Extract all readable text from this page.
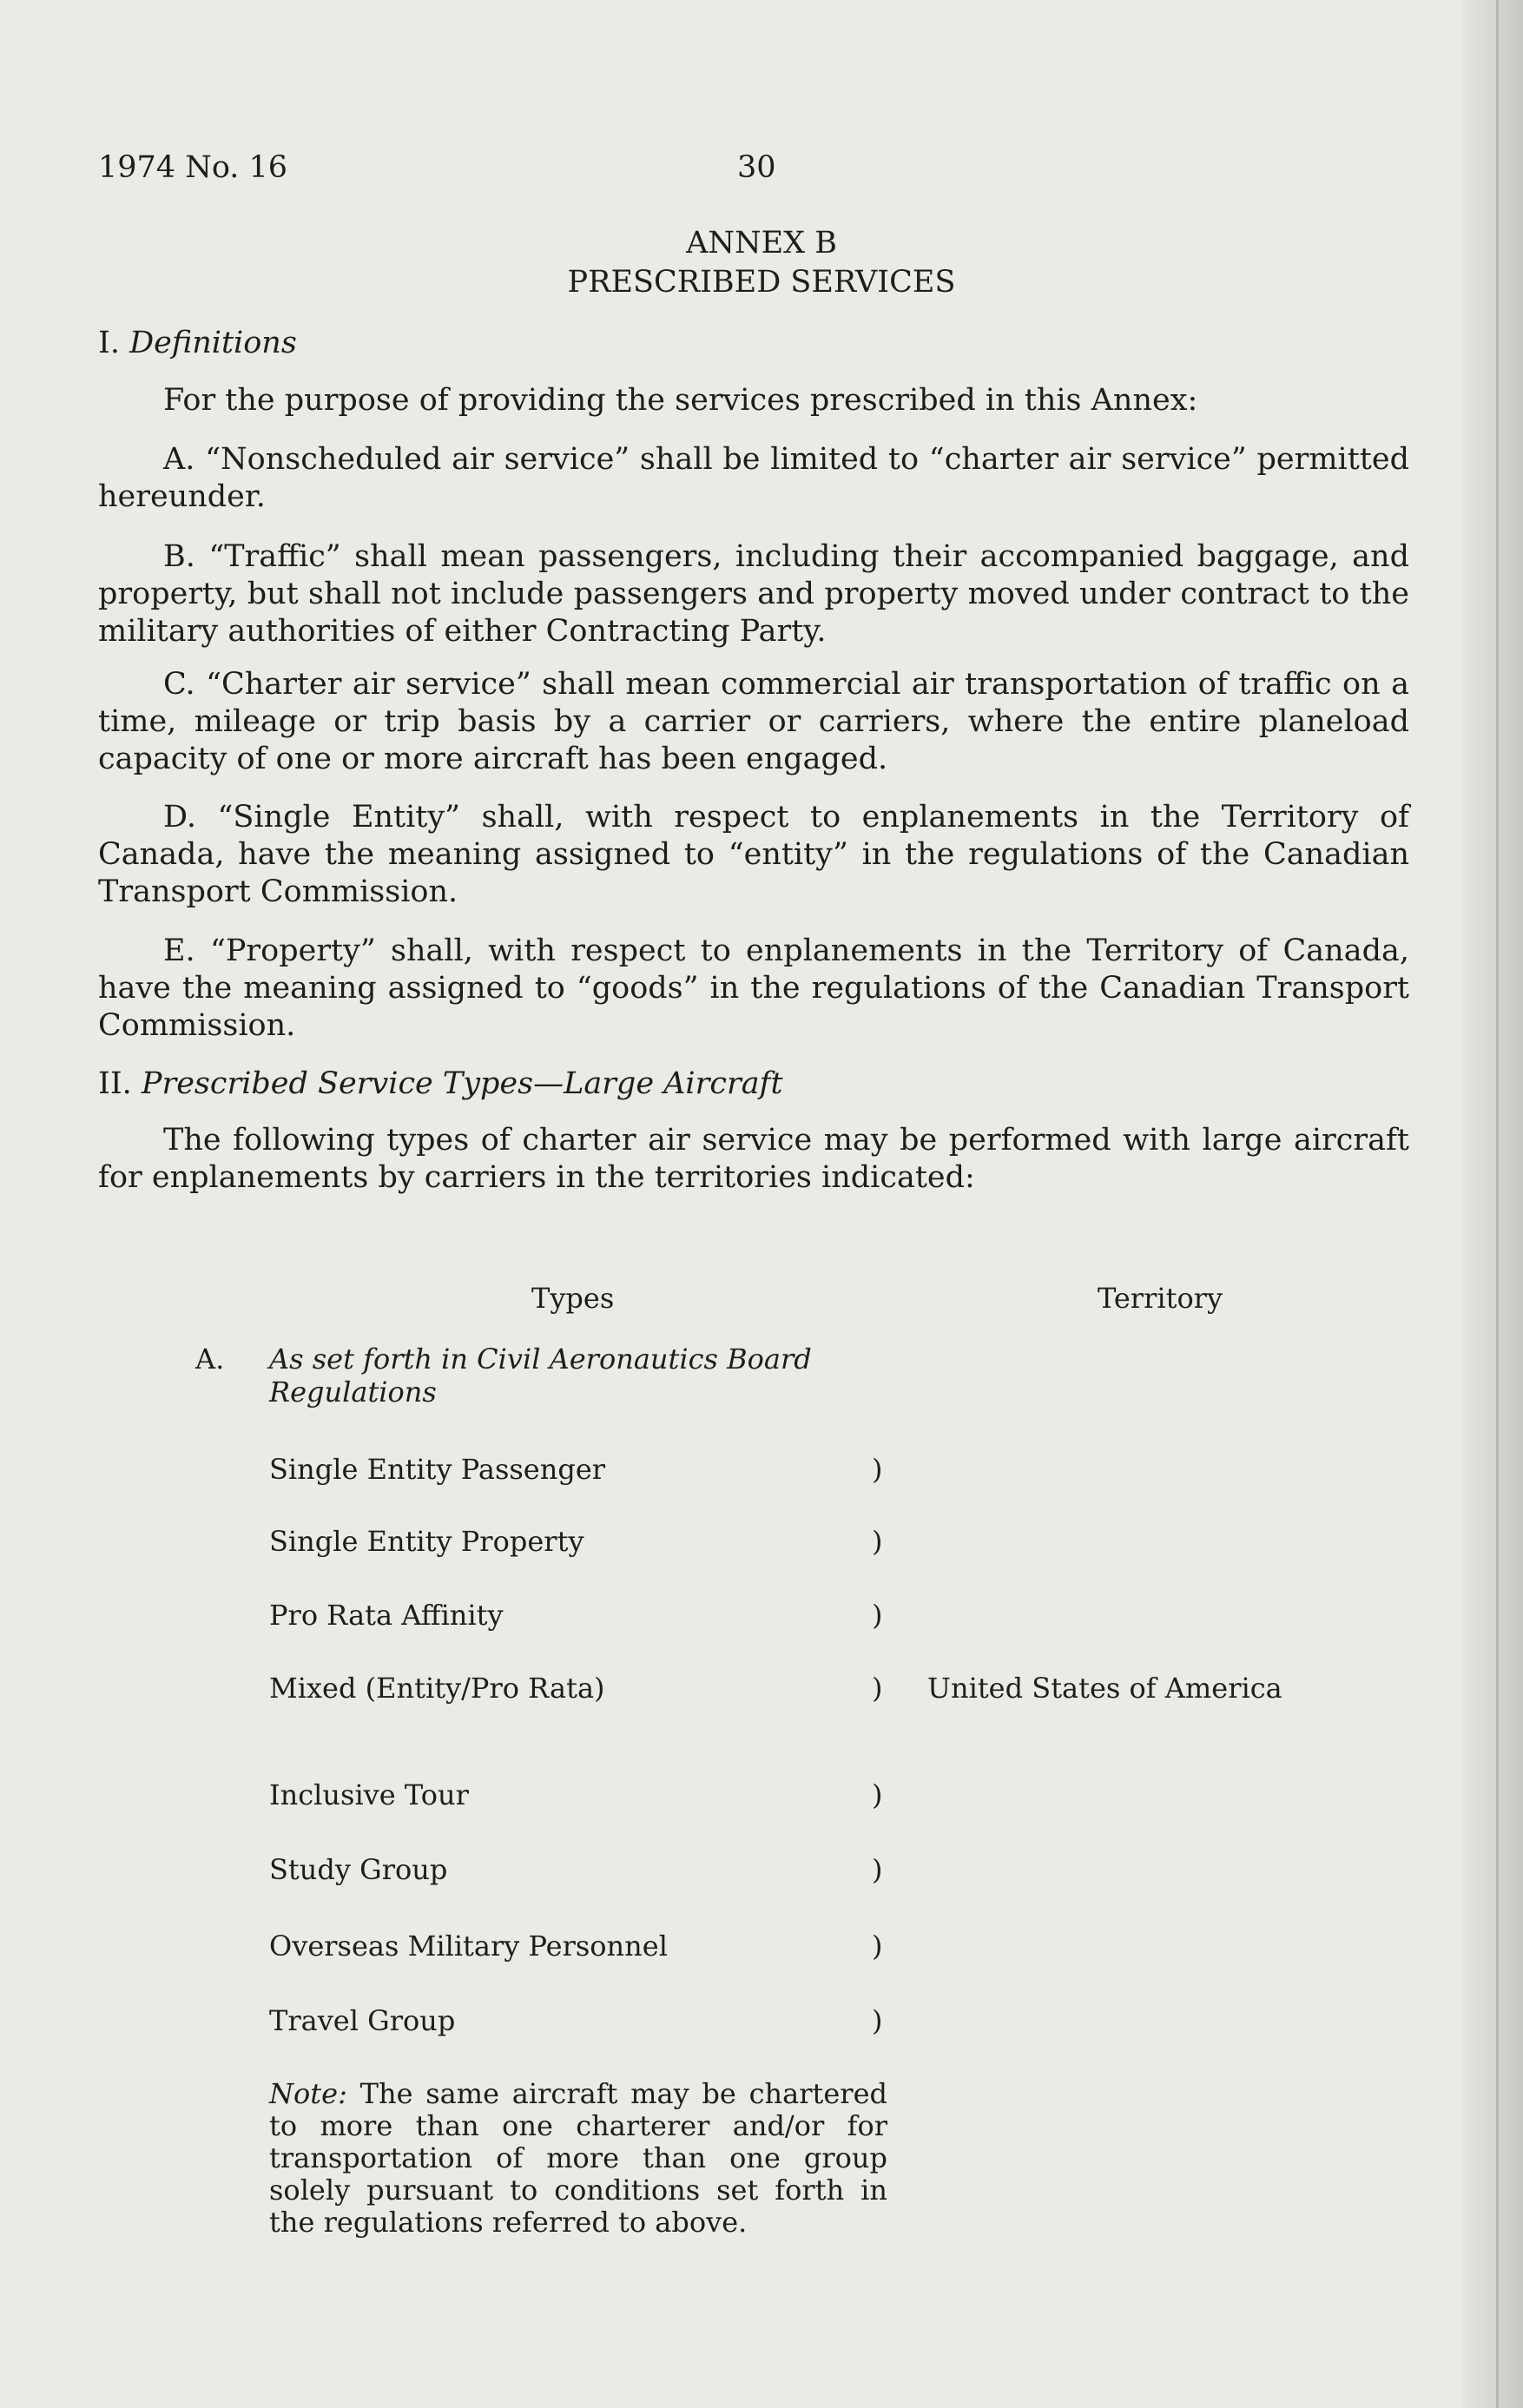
1974 No. 16	30
ANNEX B
PRESCRIBED SERVICES
I. Definitions
For the purpose of providing the services prescribed in this Annex:
A. “Nonscheduled air service” shall be limited to “charter air service” permitted hereunder.
B. “Traffic” shall mean passengers, including their accompanied baggage, and property, but shall not include passengers and property moved under contract to the military authorities of either Contracting Party.
C. “Charter air service” shall mean commercial air transportation of traffic on a time, mileage or trip basis by a carrier or carriers, where the entire planeload capacity of one or more aircraft has been engaged.
D. “Single Entity” shall, with respect to enplanements in the Territory of Canada, have the meaning assigned to “entity” in the regulations of the Canadian Transport Commission.
E. “Property” shall, with respect to enplanements in the Territory of Canada, have the meaning assigned to “goods” in the regulations of the Canadian Transport Commission.
II. Prescribed Service Types—Large Aircraft
The following types of charter air service may be performed with large aircraft for enplanements by carriers in the territories indicated:
Types	Territory
A. As set forth in Civil Aeronautics Board Regulations
Single Entity Passenger	)
Single Entity Property	)
Pro Rata Affinity	)
Mixed (Entity/Pro Rata)	) United States of America
Inclusive Tour	)
Study Group	)
Overseas Military Personnel	)
Travel Group	)
Note: The same aircraft may be chartered to more than one charterer and/or for transportation of more than one group solely pursuant to conditions set forth in the regulations referred to above.
